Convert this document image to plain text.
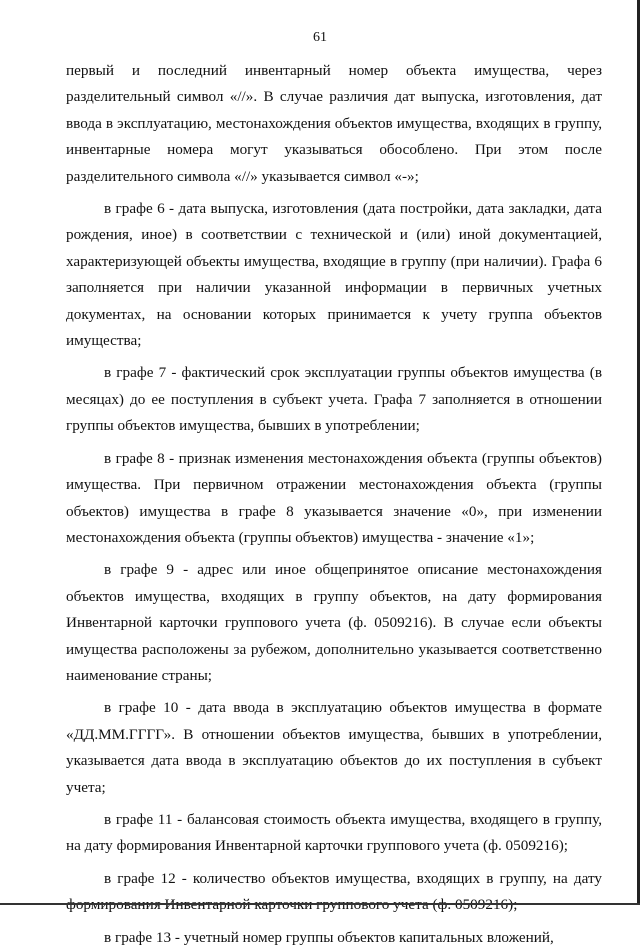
61

первый и последний инвентарный номер объекта имущества, через разделительный символ «//». В случае различия дат выпуска, изготовления, дат ввода в эксплуатацию, местонахождения объектов имущества, входящих в группу, инвентарные номера могут указываться обособлено. При этом после разделительного символа «//» указывается символ «-»;

в графе 6 - дата выпуска, изготовления (дата постройки, дата закладки, дата рождения, иное) в соответствии с технической и (или) иной документацией, характеризующей объекты имущества, входящие в группу (при наличии). Графа 6 заполняется при наличии указанной информации в первичных учетных документах, на основании которых принимается к учету группа объектов имущества;

в графе 7 - фактический срок эксплуатации группы объектов имущества (в месяцах) до ее поступления в субъект учета. Графа 7 заполняется в отношении группы объектов имущества, бывших в употреблении;

в графе 8 - признак изменения местонахождения объекта (группы объектов) имущества. При первичном отражении местонахождения объекта (группы объектов) имущества в графе 8 указывается значение «0», при изменении местонахождения объекта (группы объектов) имущества - значение «1»;

в графе 9 - адрес или иное общепринятое описание местонахождения объектов имущества, входящих в группу объектов, на дату формирования Инвентарной карточки группового учета (ф. 0509216). В случае если объекты имущества расположены за рубежом, дополнительно указывается соответственно наименование страны;

в графе 10 - дата ввода в эксплуатацию объектов имущества в формате «ДД.ММ.ГГГГ». В отношении объектов имущества, бывших в употреблении, указывается дата ввода в эксплуатацию объектов до их поступления в субъект учета;

в графе 11 - балансовая стоимость объекта имущества, входящего в группу, на дату формирования Инвентарной карточки группового учета (ф. 0509216);

в графе 12 - количество объектов имущества, входящих в группу, на дату

в графе 13 - учетный номер группы объектов капитальных вложений,
